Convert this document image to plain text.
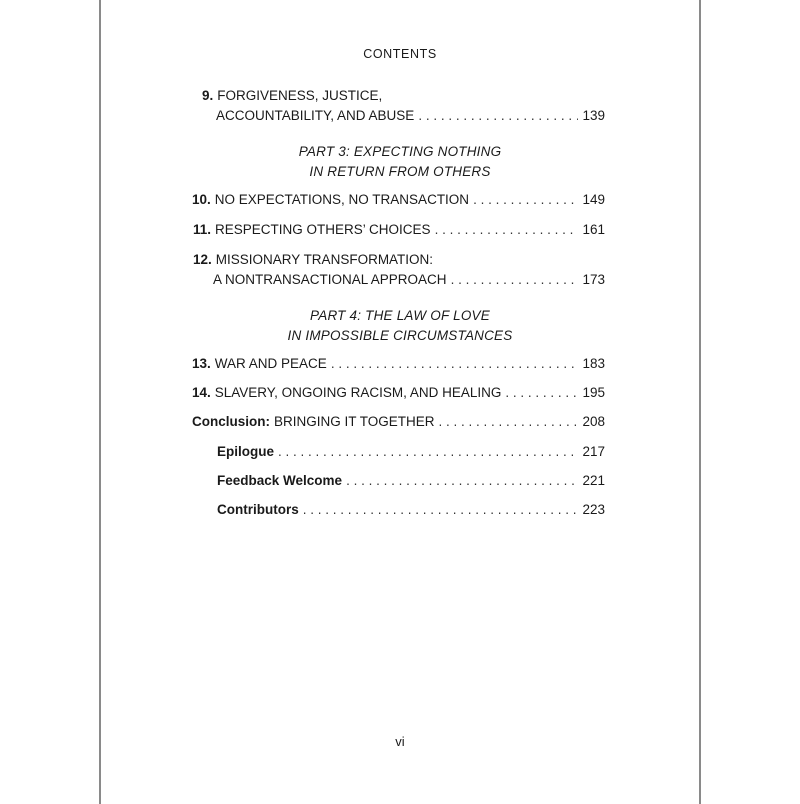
CONTENTS
9. FORGIVENESS, JUSTICE,
ACCOUNTABILITY, AND ABUSE . . .	139
PART 3: EXPECTING NOTHING
IN RETURN FROM OTHERS
10. NO EXPECTATIONS, NO TRANSACTION . . .	149
11. RESPECTING OTHERS’ CHOICES . . .	161
12. MISSIONARY TRANSFORMATION:
A NONTRANSACTIONAL APPROACH . . .	173
PART 4: THE LAW OF LOVE
IN IMPOSSIBLE CIRCUMSTANCES
13. WAR AND PEACE . . .	183
14. SLAVERY, ONGOING RACISM, AND HEALING . . .	195
Conclusion: BRINGING IT TOGETHER . . .	208
Epilogue . . .	217
Feedback Welcome . . .	221
Contributors . . .	223
vi
